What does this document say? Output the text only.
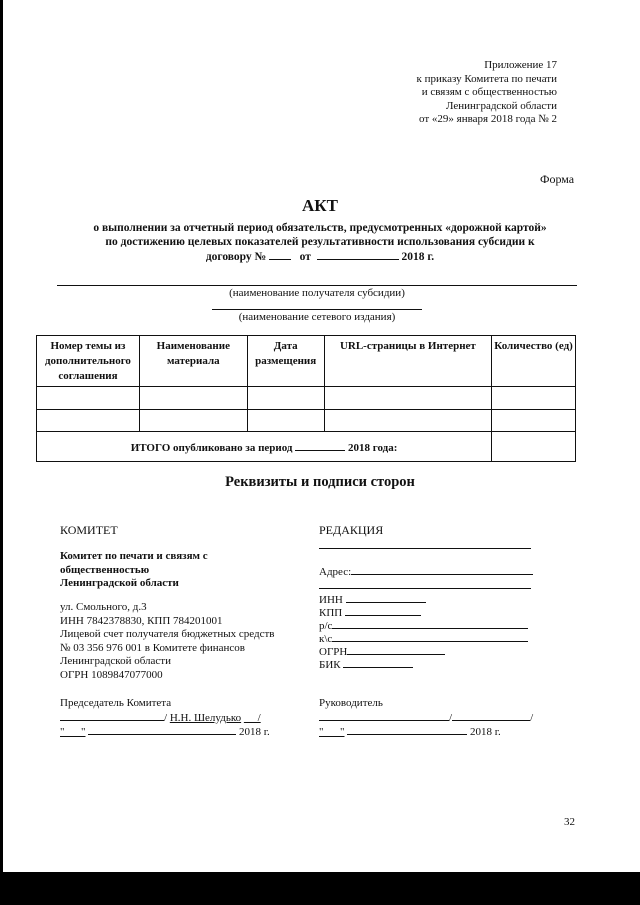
Приложение 17
к приказу Комитета по печати
и связям с общественностью
Ленинградской области
от «29» января 2018 года № 2
Форма
АКТ
о выполнении за отчетный период обязательств, предусмотренных «дорожной картой»
по достижению целевых показателей результативности использования субсидии к
договору №	от	2018 г.
(наименование получателя субсидии)
(наименование сетевого издания)
Номер темы из дополнительного соглашения	Наименование материала	Дата размещения	URL-страницы в Интернет	Количество (ед)

ИТОГО опубликовано за период 2018 года:				
Реквизиты и подписи сторон
КОМИТЕТ
Комитет по печати и связям с
общественностью
Ленинградской области
ул. Смольного, д.3
ИНН 7842378830, КПП 784201001
Лицевой счет получателя бюджетных средств
№ 03 356 976 001 в Комитете финансов
Ленинградской области
ОГРН 1089847077000
Председатель Комитета
/ Н.Н. Шелудько      /
"      "	2018 г.
РЕДАКЦИЯ
Адрес:
ИНН
КПП
р/с
к\с
ОГРН
БИК
Руководитель
/	/
"      "	2018 г.
32
